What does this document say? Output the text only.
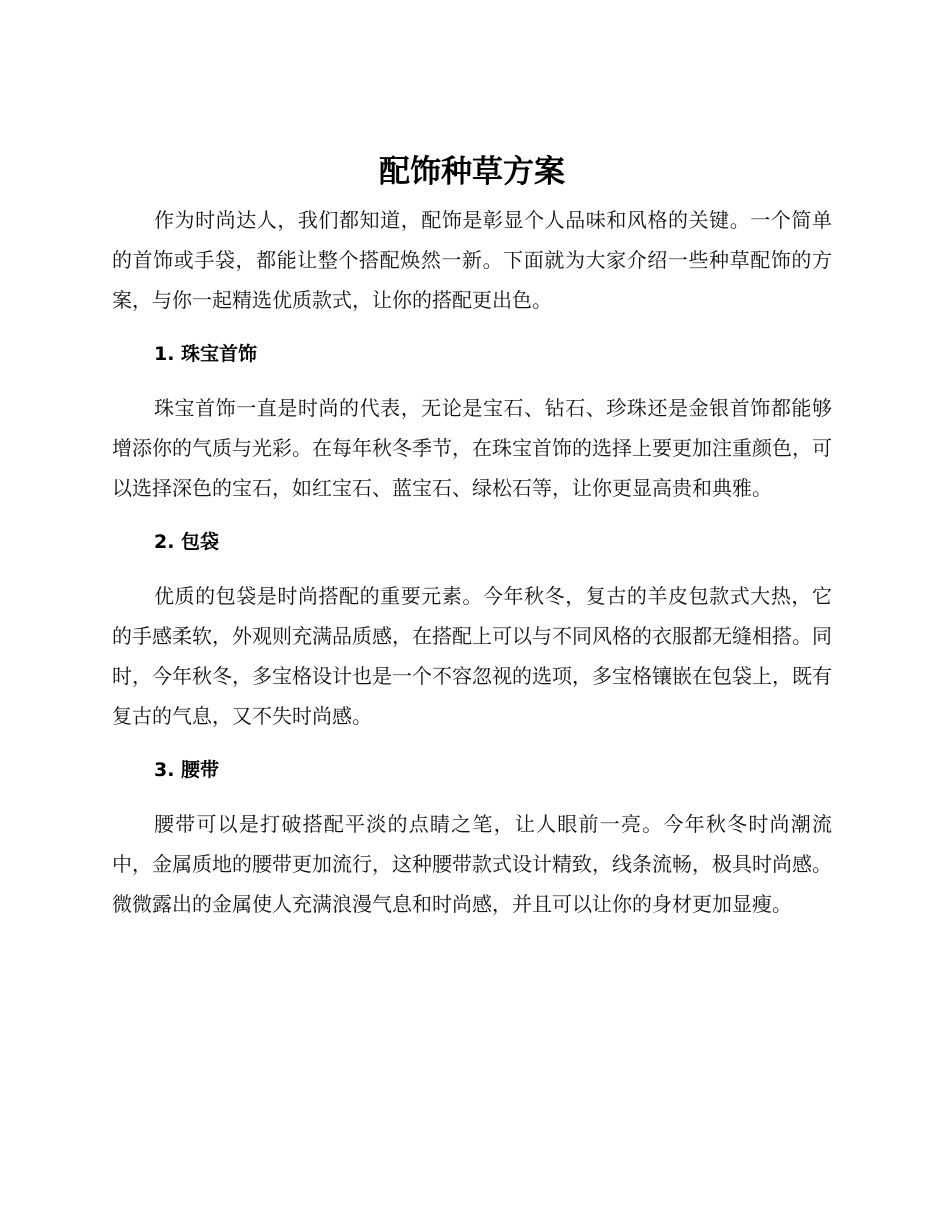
配饰种草方案

作为时尚达人，我们都知道，配饰是彰显个人品味和风格的关键。一个简单的首饰或手袋，都能让整个搭配焕然一新。下面就为大家介绍一些种草配饰的方案，与你一起精选优质款式，让你的搭配更出色。

1. 珠宝首饰

珠宝首饰一直是时尚的代表，无论是宝石、钻石、珍珠还是金银首饰都能够增添你的气质与光彩。在每年秋冬季节，在珠宝首饰的选择上要更加注重颜色，可以选择深色的宝石，如红宝石、蓝宝石、绿松石等，让你更显高贵和典雅。

2. 包袋

优质的包袋是时尚搭配的重要元素。今年秋冬，复古的羊皮包款式大热，它的手感柔软，外观则充满品质感，在搭配上可以与不同风格的衣服都无缝相搭。同时，今年秋冬，多宝格设计也是一个不容忽视的选项，多宝格镶嵌在包袋上，既有复古的气息，又不失时尚感。

3. 腰带

腰带可以是打破搭配平淡的点睛之笔，让人眼前一亮。今年秋冬时尚潮流中，金属质地的腰带更加流行，这种腰带款式设计精致，线条流畅，极具时尚感。微微露出的金属使人充满浪漫气息和时尚感，并且可以让你的身材更加显瘦。
